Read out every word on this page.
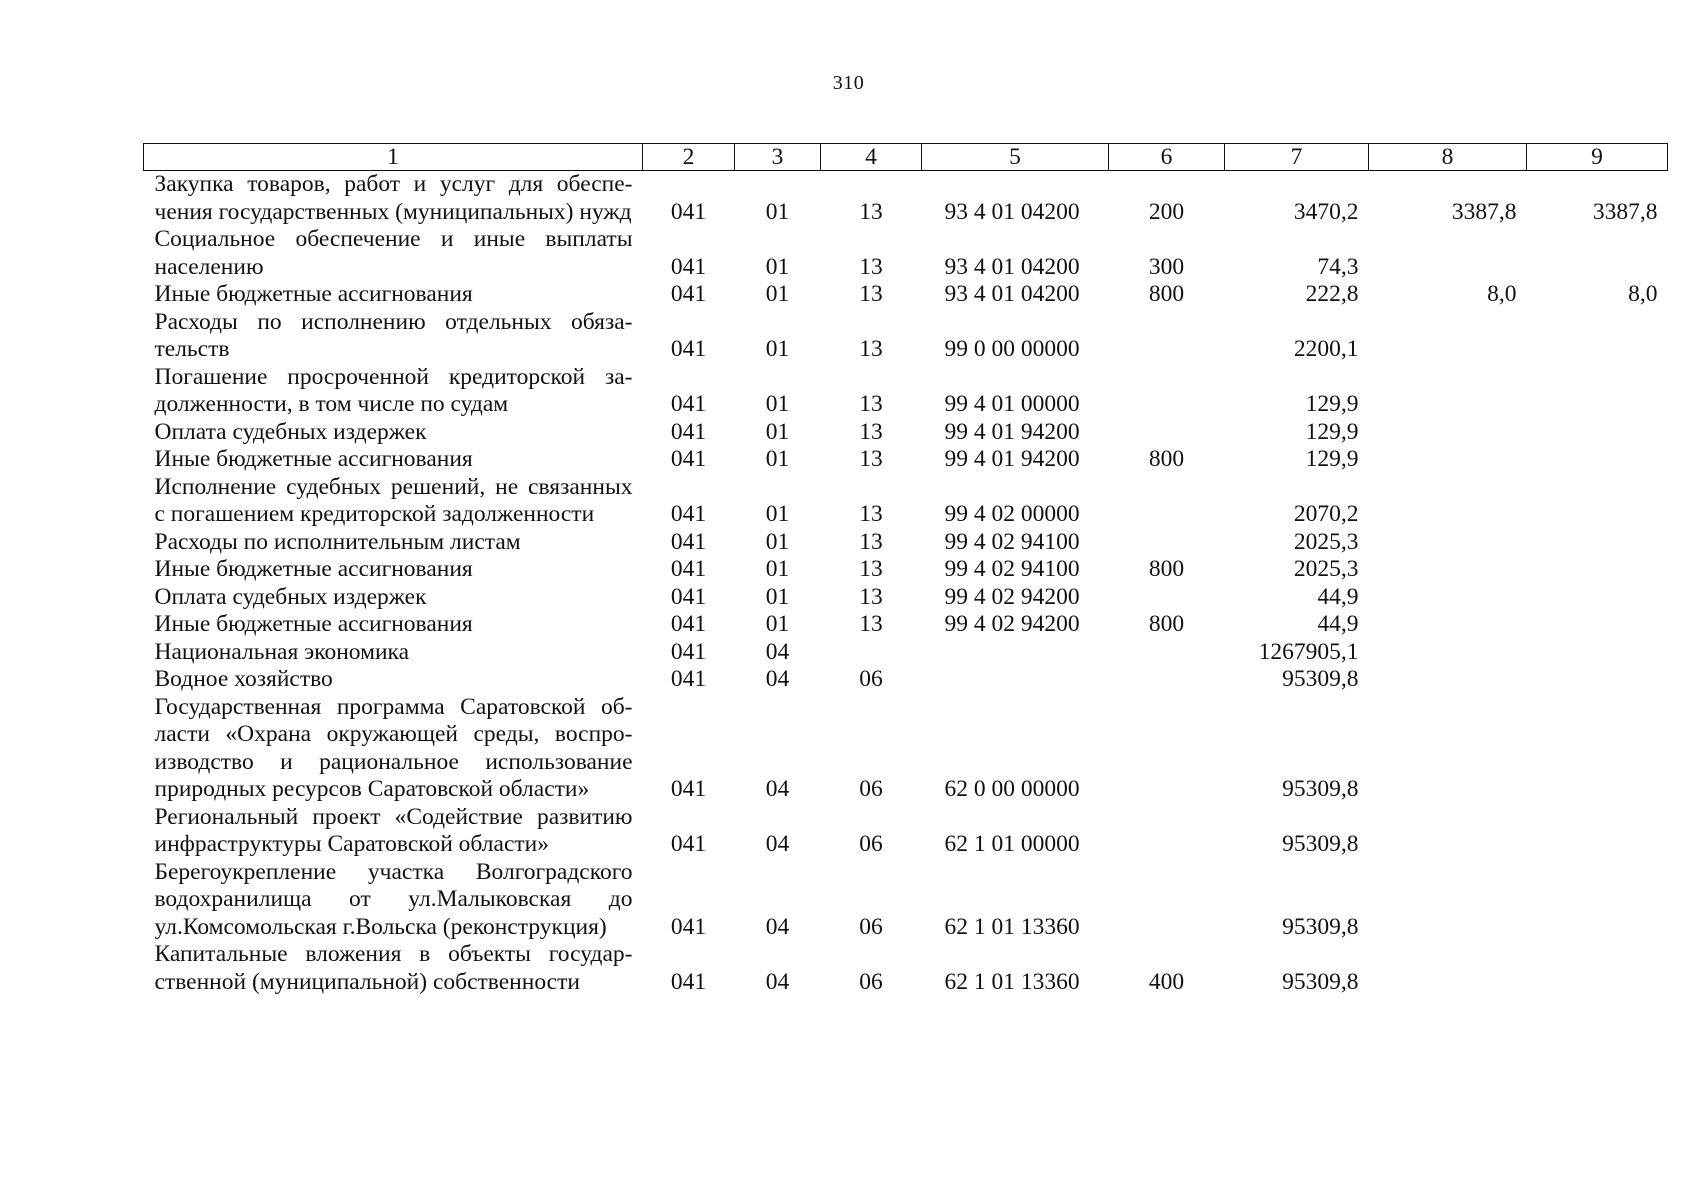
310
1	2	3	4	5	6	7	8	9
Закупка товаров, работ и услуг для обеспечения государственных (муниципальных) нужд	041	01	13	93 4 01 04200	200	3470,2	3387,8	3387,8
Социальное обеспечение и иные выплаты населению	041	01	13	93 4 01 04200	300	74,3		
Иные бюджетные ассигнования	041	01	13	93 4 01 04200	800	222,8	8,0	8,0
Расходы по исполнению отдельных обязательств	041	01	13	99 0 00 00000		2200,1		
Погашение просроченной кредиторской задолженности, в том числе по судам	041	01	13	99 4 01 00000		129,9		
Оплата судебных издержек	041	01	13	99 4 01 94200		129,9		
Иные бюджетные ассигнования	041	01	13	99 4 01 94200	800	129,9		
Исполнение судебных решений, не связанных с погашением кредиторской задолженности	041	01	13	99 4 02 00000		2070,2		
Расходы по исполнительным листам	041	01	13	99 4 02 94100		2025,3		
Иные бюджетные ассигнования	041	01	13	99 4 02 94100	800	2025,3		
Оплата судебных издержек	041	01	13	99 4 02 94200		44,9		
Иные бюджетные ассигнования	041	01	13	99 4 02 94200	800	44,9		
Национальная экономика	041	04				1267905,1		
Водное хозяйство	041	04	06			95309,8		
Государственная программа Саратовской области «Охрана окружающей среды, воспроизводство и рациональное использование природных ресурсов Саратовской области»	041	04	06	62 0 00 00000		95309,8		
Региональный проект «Содействие развитию инфраструктуры Саратовской области»	041	04	06	62 1 01 00000		95309,8		
Берегоукрепление участка Волгоградского водохранилища от ул.Малыковская до ул.Комсомольская г.Вольска (реконструкция)	041	04	06	62 1 01 13360		95309,8		
Капитальные вложения в объекты государственной (муниципальной) собственности	041	04	06	62 1 01 13360	400	95309,8		
